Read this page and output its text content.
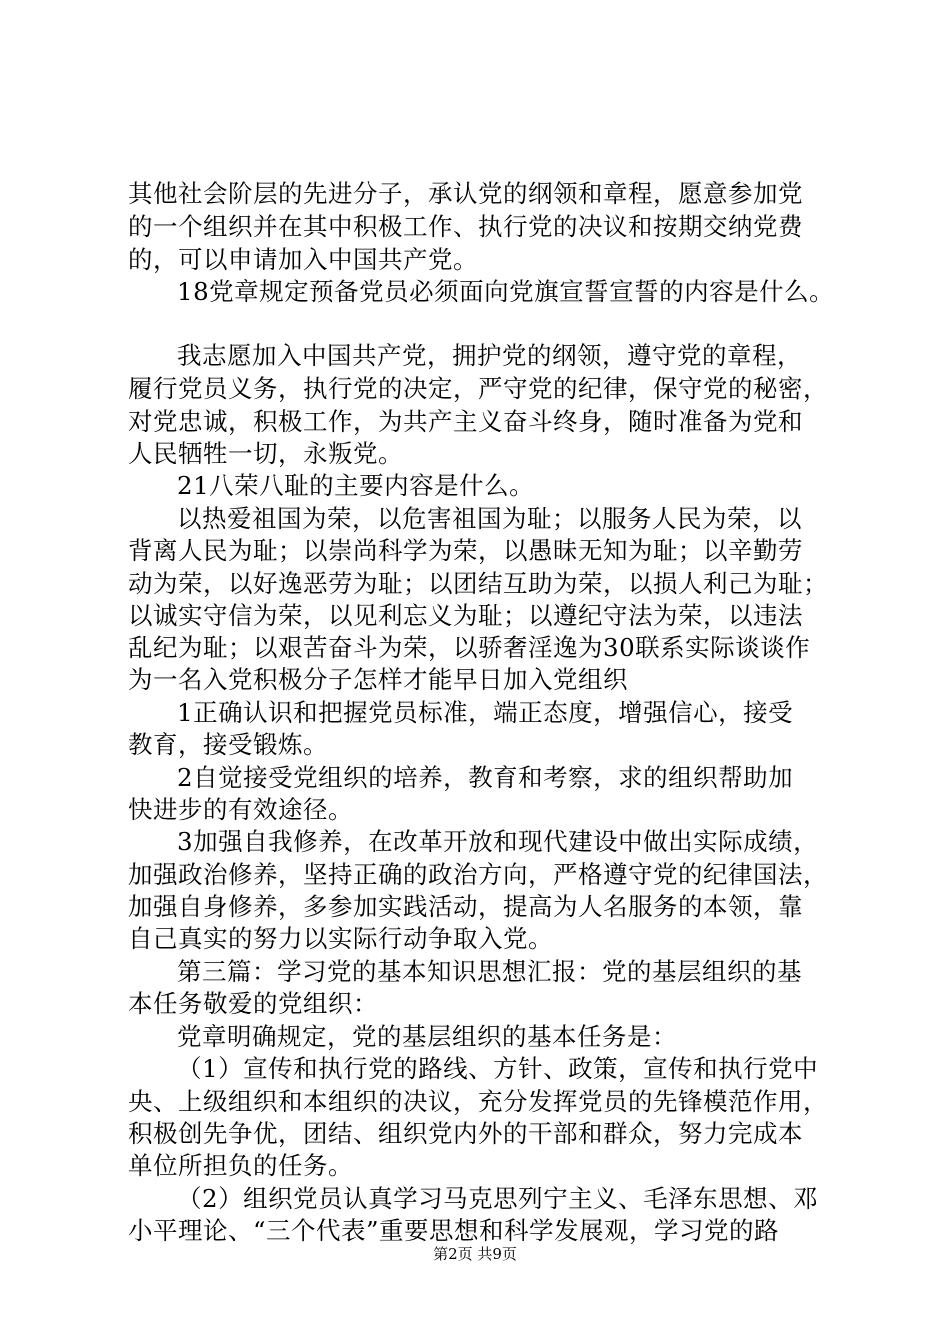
其他社会阶层的先进分子，承认党的纲领和章程，愿意参加党
的一个组织并在其中积极工作、执行党的决议和按期交纳党费
的，可以申请加入中国共产党。
18党章规定预备党员必须面向党旗宣誓宣誓的内容是什么。
我志愿加入中国共产党，拥护党的纲领，遵守党的章程，
履行党员义务，执行党的决定，严守党的纪律，保守党的秘密，
对党忠诚，积极工作，为共产主义奋斗终身，随时准备为党和
人民牺牲一切，永叛党。
21八荣八耻的主要内容是什么。
以热爱祖国为荣，以危害祖国为耻；以服务人民为荣，以
背离人民为耻；以崇尚科学为荣，以愚昧无知为耻；以辛勤劳
动为荣，以好逸恶劳为耻；以团结互助为荣，以损人利己为耻；
以诚实守信为荣，以见利忘义为耻；以遵纪守法为荣，以违法
乱纪为耻；以艰苦奋斗为荣，以骄奢淫逸为30联系实际谈谈作
为一名入党积极分子怎样才能早日加入党组织
1正确认识和把握党员标准，端正态度，增强信心，接受
教育，接受锻炼。
2自觉接受党组织的培养，教育和考察，求的组织帮助加
快进步的有效途径。
3加强自我修养，在改革开放和现代建设中做出实际成绩，
加强政治修养，坚持正确的政治方向，严格遵守党的纪律国法，
加强自身修养，多参加实践活动，提高为人名服务的本领，靠
自己真实的努力以实际行动争取入党。
第三篇：学习党的基本知识思想汇报：党的基层组织的基
本任务敬爱的党组织：
党章明确规定，党的基层组织的基本任务是：
（1）宣传和执行党的路线、方针、政策，宣传和执行党中
央、上级组织和本组织的决议，充分发挥党员的先锋模范作用，
积极创先争优，团结、组织党内外的干部和群众，努力完成本
单位所担负的任务。
（2）组织党员认真学习马克思列宁主义、毛泽东思想、邓
小平理论、“三个代表”重要思想和科学发展观，学习党的路
第2页 共9页
